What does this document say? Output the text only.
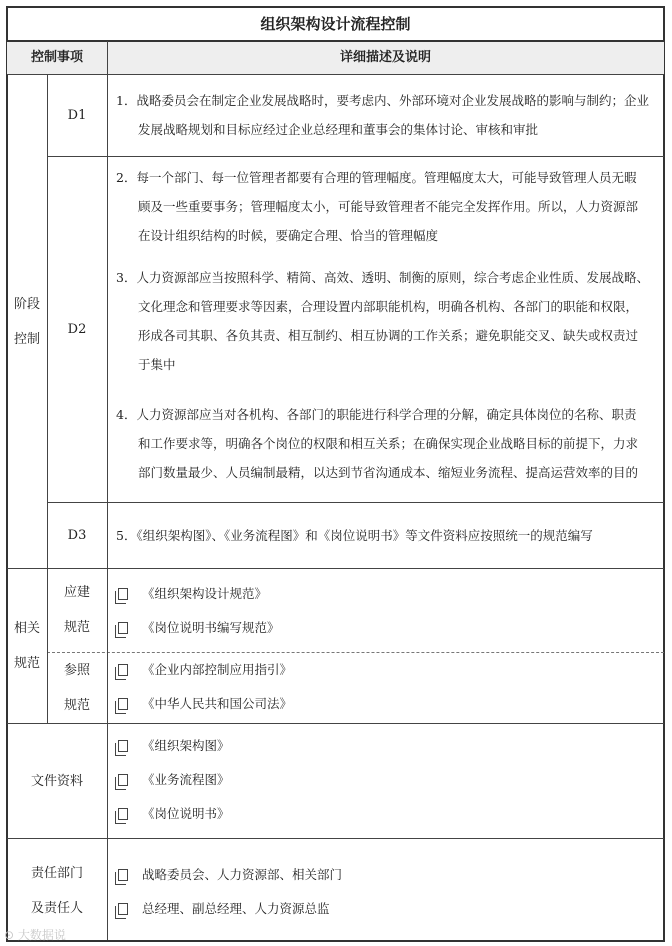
组织架构设计流程控制
控制事项	详细描述及说明
阶段
控制
D1
D2
D3
1．战略委员会在制定企业发展战略时，要考虑内、外部环境对企业发展战略的影响与制约；企业
发展战略规划和目标应经过企业总经理和董事会的集体讨论、审核和审批
2．每一个部门、每一位管理者都要有合理的管理幅度。管理幅度太大，可能导致管理人员无暇
顾及一些重要事务；管理幅度太小，可能导致管理者不能完全发挥作用。所以，人力资源部
在设计组织结构的时候，要确定合理、恰当的管理幅度
3．人力资源部应当按照科学、精简、高效、透明、制衡的原则，综合考虑企业性质、发展战略、
文化理念和管理要求等因素，合理设置内部职能机构，明确各机构、各部门的职能和权限，
形成各司其职、各负其责、相互制约、相互协调的工作关系；避免职能交叉、缺失或权责过
于集中
4．人力资源部应当对各机构、各部门的职能进行科学合理的分解，确定具体岗位的名称、职责
和工作要求等，明确各个岗位的权限和相互关系；在确保实现企业战略目标的前提下，力求
部门数量最少、人员编制最精，以达到节省沟通成本、缩短业务流程、提高运营效率的目的
5．《组织架构图》、《业务流程图》和《岗位说明书》等文件资料应按照统一的规范编写
相关
规范
应建
规范
参照
规范
《组织架构设计规范》
《岗位说明书编写规范》
《企业内部控制应用指引》
《中华人民共和国公司法》
文件资料
《组织架构图》
《业务流程图》
《岗位说明书》
责任部门
及责任人
战略委员会、人力资源部、相关部门
总经理、副总经理、人力资源总监
⊙ 大数据说
